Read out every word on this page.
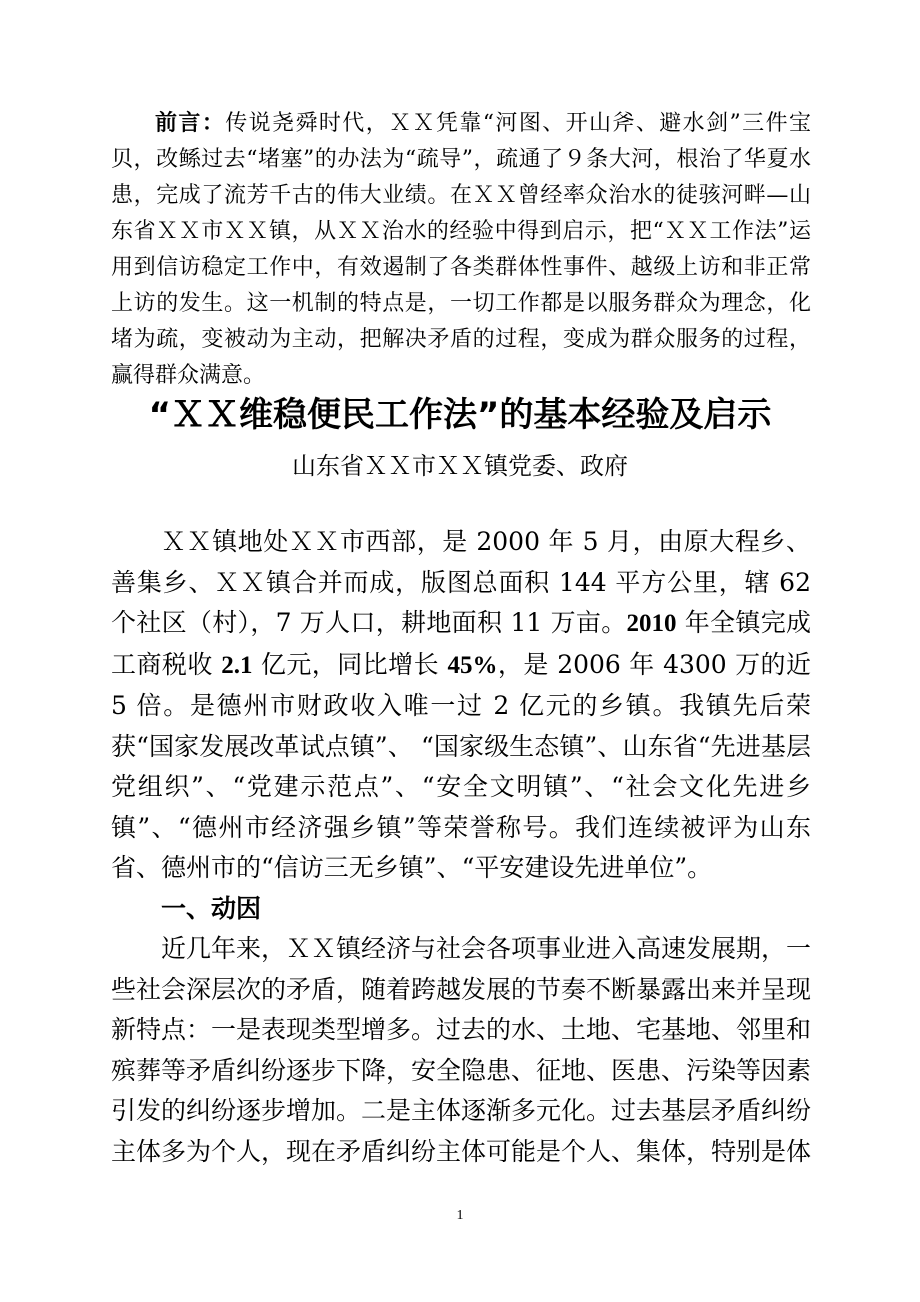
前言：传说尧舜时代，ＸＸ凭靠“河图、开山斧、避水剑”三件宝贝，改鲧过去“堵塞”的办法为“疏导”，疏通了９条大河，根治了华夏水患，完成了流芳千古的伟大业绩。在ＸＸ曾经率众治水的徒骇河畔—山东省ＸＸ市ＸＸ镇，从ＸＸ治水的经验中得到启示，把“ＸＸ工作法”运用到信访稳定工作中，有效遏制了各类群体性事件、越级上访和非正常上访的发生。这一机制的特点是，一切工作都是以服务群众为理念，化堵为疏，变被动为主动，把解决矛盾的过程，变成为群众服务的过程，赢得群众满意。

“ＸＸ维稳便民工作法”的基本经验及启示

山东省ＸＸ市ＸＸ镇党委、政府

ＸＸ镇地处ＸＸ市西部，是 2000 年 5 月，由原大程乡、善集乡、ＸＸ镇合并而成，版图总面积 144 平方公里，辖 62 个社区（村），7 万人口，耕地面积 11 万亩。2010 年全镇完成工商税收 2.1 亿元，同比增长 45%，是 2006 年 4300 万的近 5 倍。是德州市财政收入唯一过 2 亿元的乡镇。我镇先后荣获“国家发展改革试点镇”、 “国家级生态镇”、山东省“先进基层党组织”、“党建示范点”、“安全文明镇”、“社会文化先进乡镇”、“德州市经济强乡镇”等荣誉称号。我们连续被评为山东省、德州市的“信访三无乡镇”、“平安建设先进单位”。

一、动因

近几年来，ＸＸ镇经济与社会各项事业进入高速发展期，一些社会深层次的矛盾，随着跨越发展的节奏不断暴露出来并呈现新特点：一是表现类型增多。过去的水、土地、宅基地、邻里和殡葬等矛盾纠纷逐步下降，安全隐患、征地、医患、污染等因素引发的纠纷逐步增加。二是主体逐渐多元化。过去基层矛盾纠纷主体多为个人，现在矛盾纠纷主体可能是个人、集体，特别是体

1
